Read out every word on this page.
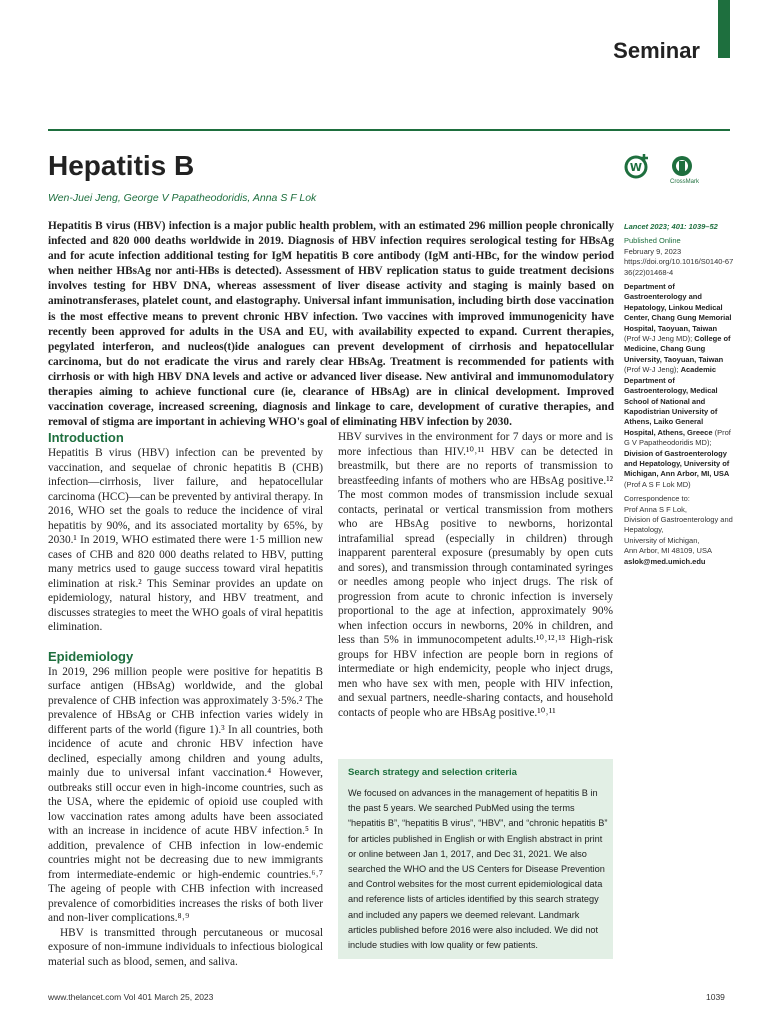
Seminar
Hepatitis B
Wen-Juei Jeng, George V Papatheodoridis, Anna S F Lok
W
CrossMark

Hepatitis B virus (HBV) infection is a major public health problem, with an estimated 296 million people chronically infected and 820 000 deaths worldwide in 2019. Diagnosis of HBV infection requires serological testing for HBsAg and for acute infection additional testing for IgM hepatitis B core antibody (IgM anti-HBc, for the window period when neither HBsAg nor anti-HBs is detected). Assessment of HBV replication status to guide treatment decisions involves testing for HBV DNA, whereas assessment of liver disease activity and staging is mainly based on aminotransferases, platelet count, and elastography. Universal infant immunisation, including birth dose vaccination is the most effective means to prevent chronic HBV infection. Two vaccines with improved immunogenicity have recently been approved for adults in the USA and EU, with availability expected to expand. Current therapies, pegylated interferon, and nucleos(t)ide analogues can prevent development of cirrhosis and hepatocellular carcinoma, but do not eradicate the virus and rarely clear HBsAg. Treatment is recommended for patients with cirrhosis or with high HBV DNA levels and active or advanced liver disease. New antiviral and immunomodulatory therapies aiming to achieve functional cure (ie, clearance of HBsAg) are in clinical development. Improved vaccination coverage, increased screening, diagnosis and linkage to care, development of curative therapies, and removal of stigma are important in achieving WHO's goal of eliminating HBV infection by 2030.

Lancet 2023; 401: 1039–52

Published Online
February 9, 2023
https://doi.org/10.1016/S0140-6736(22)01468-4

Department of Gastroenterology and Hepatology, Linkou Medical Center, Chang Gung Memorial Hospital, Taoyuan, Taiwan (Prof W-J Jeng MD); College of Medicine, Chang Gung University, Taoyuan, Taiwan (Prof W-J Jeng); Academic Department of Gastroenterology, Medical School of National and Kapodistrian University of Athens, Laiko General Hospital, Athens, Greece (Prof G V Papatheodoridis MD); Division of Gastroenterology and Hepatology, University of Michigan, Ann Arbor, MI, USA (Prof A S F Lok MD)

Correspondence to:
Prof Anna S F Lok,
Division of Gastroenterology and Hepatology,
University of Michigan,
Ann Arbor, MI 48109, USA
aslok@med.umich.edu

Introduction

Hepatitis B virus (HBV) infection can be prevented by vaccination, and sequelae of chronic hepatitis B (CHB) infection—cirrhosis, liver failure, and hepatocellular carcinoma (HCC)—can be prevented by antiviral therapy. In 2016, WHO set the goals to reduce the incidence of viral hepatitis by 90%, and its associated mortality by 65%, by 2030.¹ In 2019, WHO estimated there were 1·5 million new cases of CHB and 820 000 deaths related to HBV, putting many metrics used to gauge success toward viral hepatitis elimination at risk.² This Seminar provides an update on epidemiology, natural history, and HBV treatment, and discusses strategies to meet the WHO goals of viral hepatitis elimination.

Epidemiology

In 2019, 296 million people were positive for hepatitis B surface antigen (HBsAg) worldwide, and the global prevalence of CHB infection was approximately 3·5%.² The prevalence of HBsAg or CHB infection varies widely in different parts of the world (figure 1).³ In all countries, both incidence of acute and chronic HBV infection have declined, especially among children and young adults, mainly due to universal infant vaccination.⁴ However, outbreaks still occur even in high-income countries, such as the USA, where the epidemic of opioid use coupled with low vaccination rates among adults have been associated with an increase in incidence of acute HBV infection.⁵ In addition, prevalence of CHB infection in low-endemic countries might not be decreasing due to new immigrants from intermediate-endemic or high-endemic countries.⁶˒⁷ The ageing of people with CHB infection with increased prevalence of comorbidities increases the risks of both liver and non-liver complications.⁸˒⁹

HBV is transmitted through percutaneous or mucosal exposure of non-immune individuals to infectious biological material such as blood, semen, and saliva.

HBV survives in the environment for 7 days or more and is more infectious than HIV.¹⁰˒¹¹ HBV can be detected in breastmilk, but there are no reports of transmission to breastfeeding infants of mothers who are HBsAg positive.¹² The most common modes of transmission include sexual contacts, perinatal or vertical transmission from mothers who are HBsAg positive to newborns, horizontal intrafamilial spread (especially in children) through inapparent parenteral exposure (presumably by open cuts and sores), and transmission through contaminated syringes or needles among people who inject drugs. The risk of progression from acute to chronic infection is inversely proportional to the age at infection, approximately 90% when infection occurs in newborns, 20% in children, and less than 5% in immunocompetent adults.¹⁰˒¹²˒¹³ High-risk groups for HBV infection are people born in regions of intermediate or high endemicity, people who inject drugs, men who have sex with men, people with HIV infection, and sexual partners, needle-sharing contacts, and household contacts of people who are HBsAg positive.¹⁰˒¹¹

Search strategy and selection criteria

We focused on advances in the management of hepatitis B in the past 5 years. We searched PubMed using the terms “hepatitis B”, “hepatitis B virus”, “HBV”, and “chronic hepatitis B” for articles published in English or with English abstract in print or online between Jan 1, 2017, and Dec 31, 2021. We also searched the WHO and the US Centers for Disease Prevention and Control websites for the most current epidemiological data and reference lists of articles identified by this search strategy and included any papers we deemed relevant. Landmark articles published before 2016 were also included. We did not include studies with low quality or few patients.

www.thelancet.com Vol 401 March 25, 2023	1039
